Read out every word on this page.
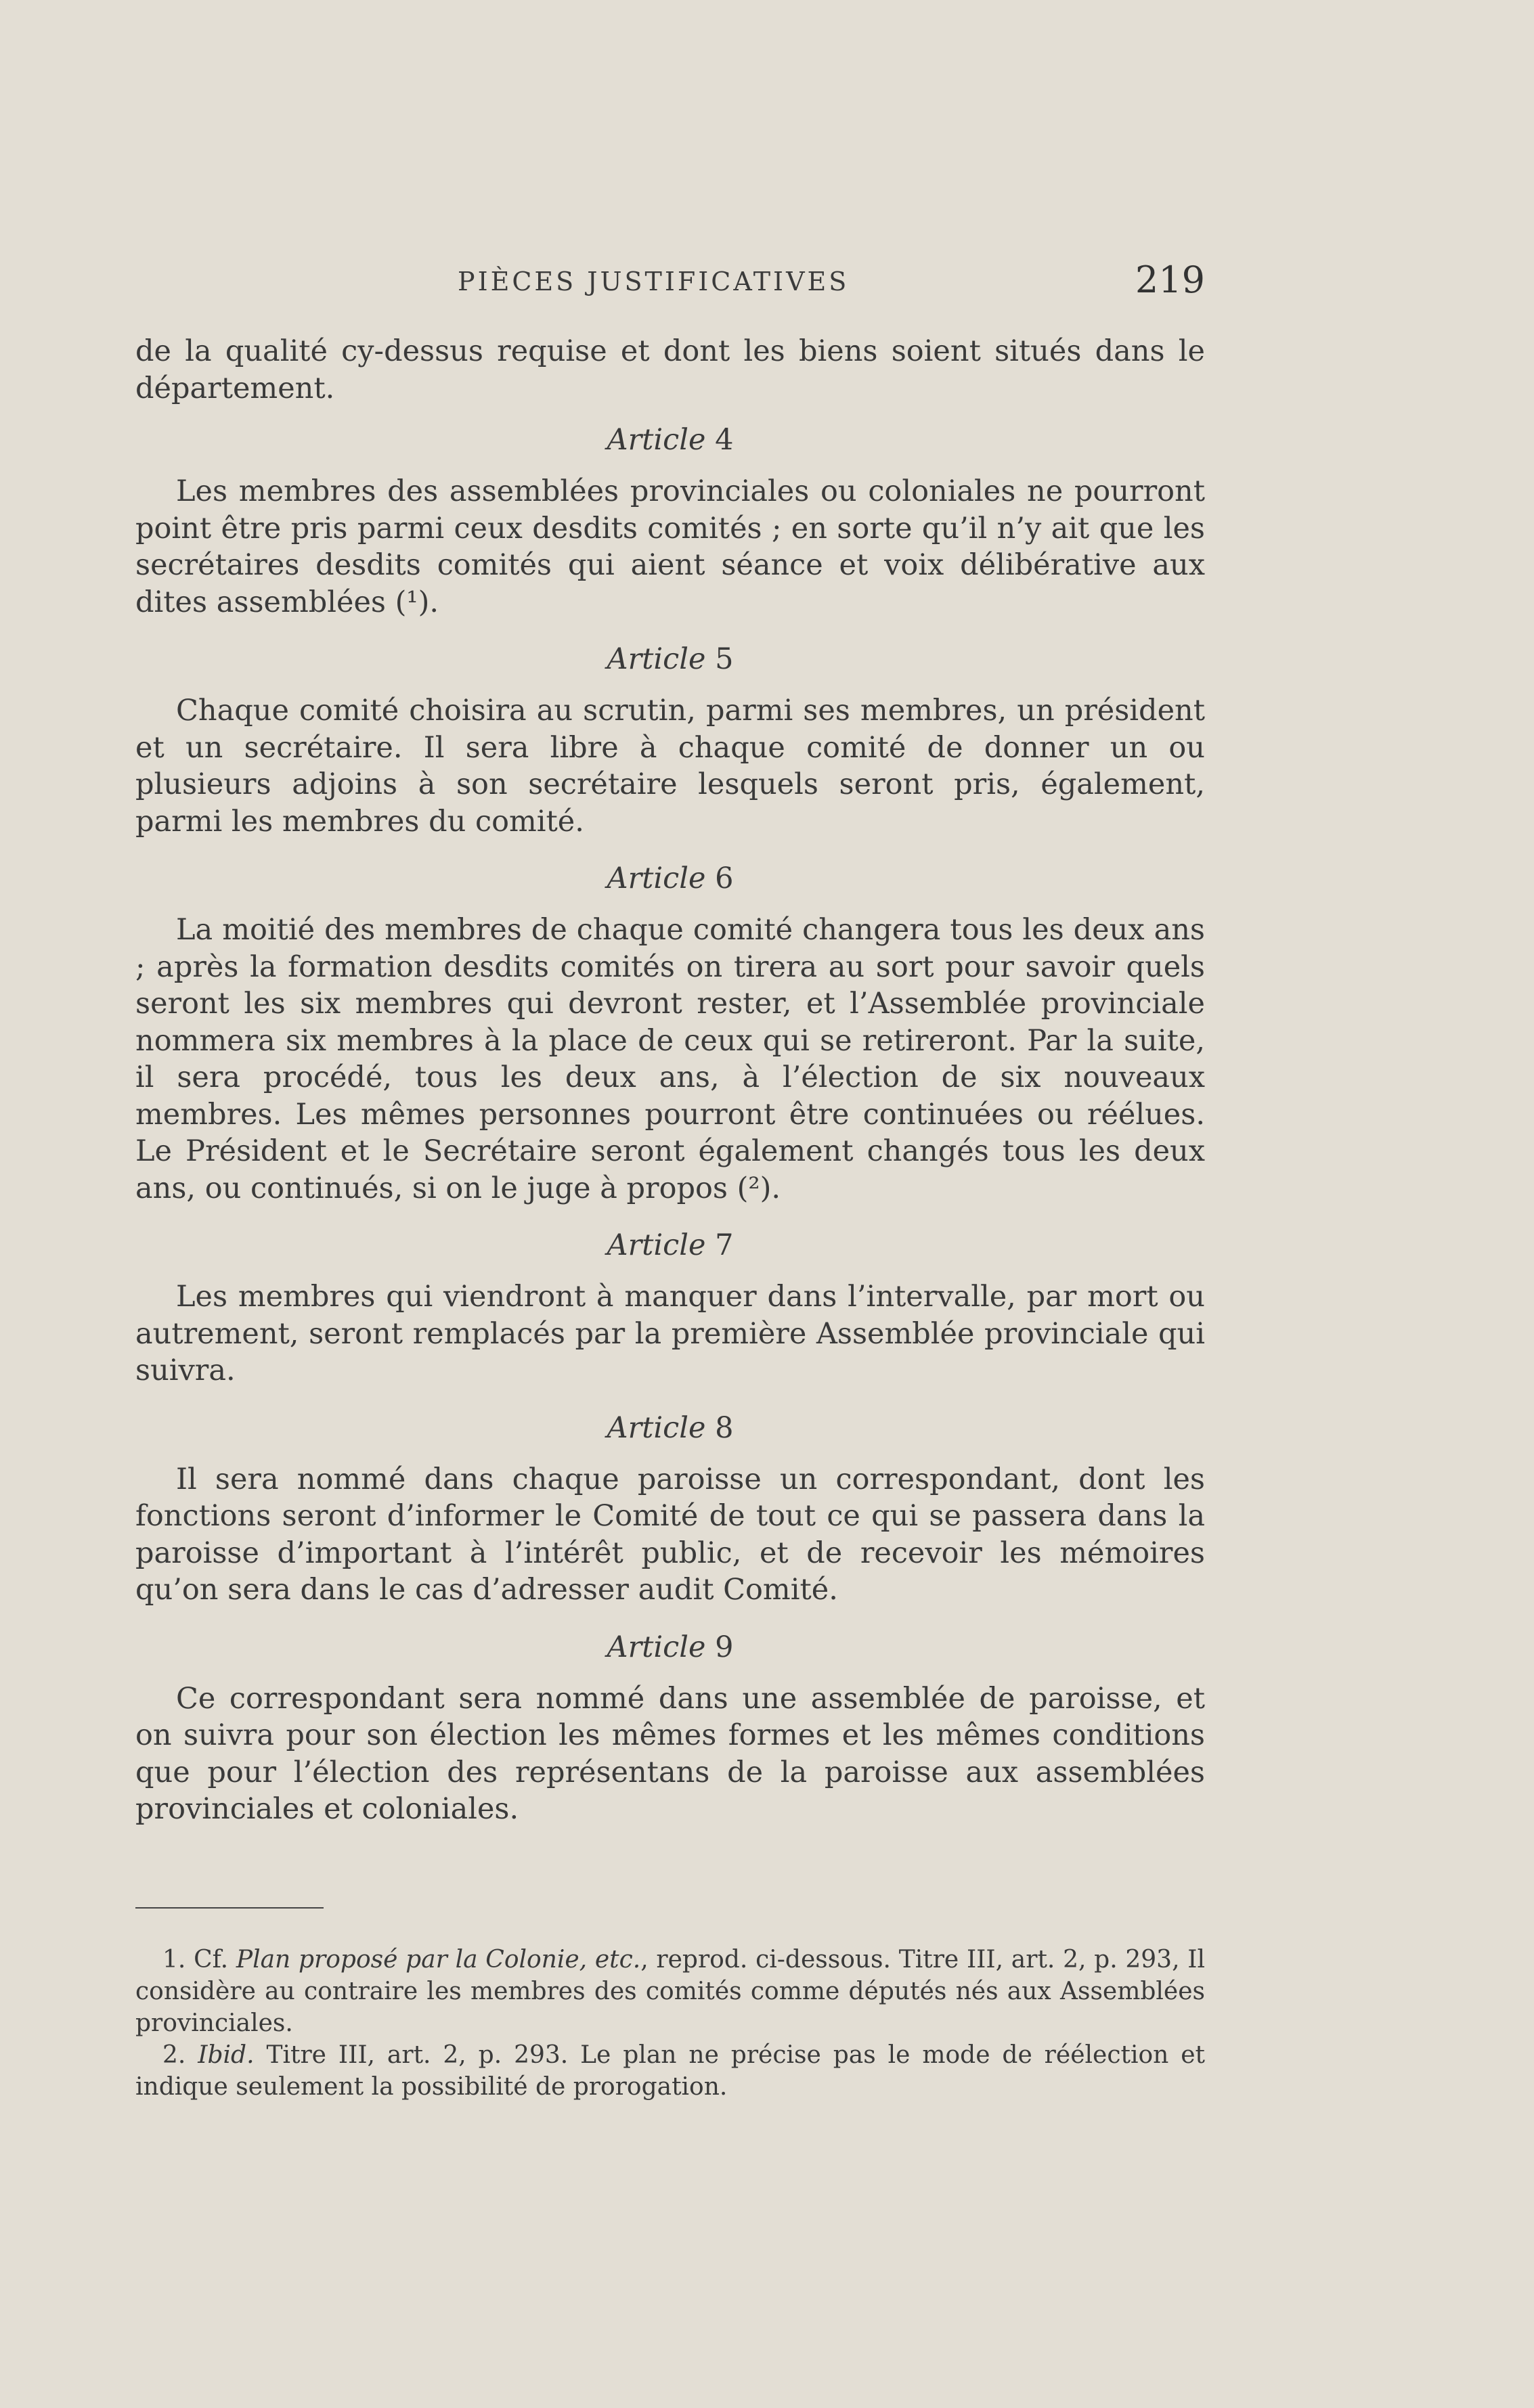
PIÈCES JUSTIFICATIVES	219

de la qualité cy-dessus requise et dont les biens soient situés dans le département.

Article 4

Les membres des assemblées provinciales ou coloniales ne pourront point être pris parmi ceux desdits comités ; en sorte qu’il n’y ait que les secrétaires desdits comités qui aient séance et voix délibérative aux dites assemblées (¹).

Article 5

Chaque comité choisira au scrutin, parmi ses membres, un président et un secrétaire. Il sera libre à chaque comité de donner un ou plusieurs adjoins à son secrétaire lesquels seront pris, également, parmi les membres du comité.

Article 6

La moitié des membres de chaque comité changera tous les deux ans ; après la formation desdits comités on tirera au sort pour savoir quels seront les six membres qui devront rester, et l’Assemblée provinciale nommera six membres à la place de ceux qui se retireront. Par la suite, il sera procédé, tous les deux ans, à l’élection de six nouveaux membres. Les mêmes personnes pourront être continuées ou réélues. Le Président et le Secrétaire seront également changés tous les deux ans, ou continués, si on le juge à propos (²).

Article 7

Les membres qui viendront à manquer dans l’intervalle, par mort ou autrement, seront remplacés par la première Assemblée provinciale qui suivra.

Article 8

Il sera nommé dans chaque paroisse un correspondant, dont les fonctions seront d’informer le Comité de tout ce qui se passera dans la paroisse d’important à l’intérêt public, et de recevoir les mémoires qu’on sera dans le cas d’adresser audit Comité.

Article 9

Ce correspondant sera nommé dans une assemblée de paroisse, et on suivra pour son élection les mêmes formes et les mêmes conditions que pour l’élection des représentans de la paroisse aux assemblées provinciales et coloniales.

1. Cf. Plan proposé par la Colonie, etc., reprod. ci-dessous. Titre III, art. 2, p. 293, Il considère au contraire les membres des comités comme députés nés aux Assemblées provinciales.

2. Ibid. Titre III, art. 2, p. 293. Le plan ne précise pas le mode de réélection et indique seulement la possibilité de prorogation.
